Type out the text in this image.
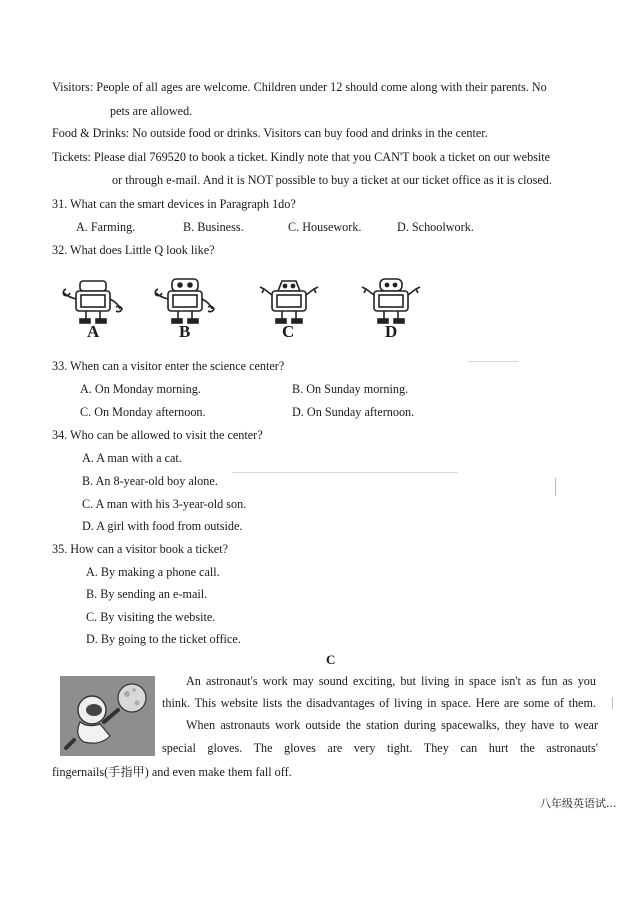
Visitors: People of all ages are welcome. Children under 12 should come along with their parents. No
pets are allowed.
Food & Drinks: No outside food or drinks. Visitors can buy food and drinks in the center.
Tickets: Please dial 769520 to book a ticket. Kindly note that you CAN'T book a ticket on our website
or through e-mail. And it is NOT possible to buy a ticket at our ticket office as it is closed.
31. What can the smart devices in Paragraph 1do?
A. Farming.	B. Business.	C. Housework.	D. Schoolwork.
32. What does Little Q look like?
A	B	C	D
33. When can a visitor enter the science center?
A. On Monday morning.	B. On Sunday morning.
C. On Monday afternoon.	D. On Sunday afternoon.
34. Who can be allowed to visit the center?
A. A man with a cat.
B. An 8-year-old boy alone.
C. A man with his 3-year-old son.
D. A girl with food from outside.
35. How can a visitor book a ticket?
A. By making a phone call.
B. By sending an e-mail.
C. By visiting the website.
D. By going to the ticket office.
C
An astronaut's work may sound exciting, but living in space isn't as fun as you
think. This website lists the disadvantages of living in space. Here are some of them.
When astronauts work outside the station during spacewalks, they have to wear
special gloves. The gloves are very tight. They can hurt the astronauts'
fingernails(手指甲) and even make them fall off.
八年级英语试...
